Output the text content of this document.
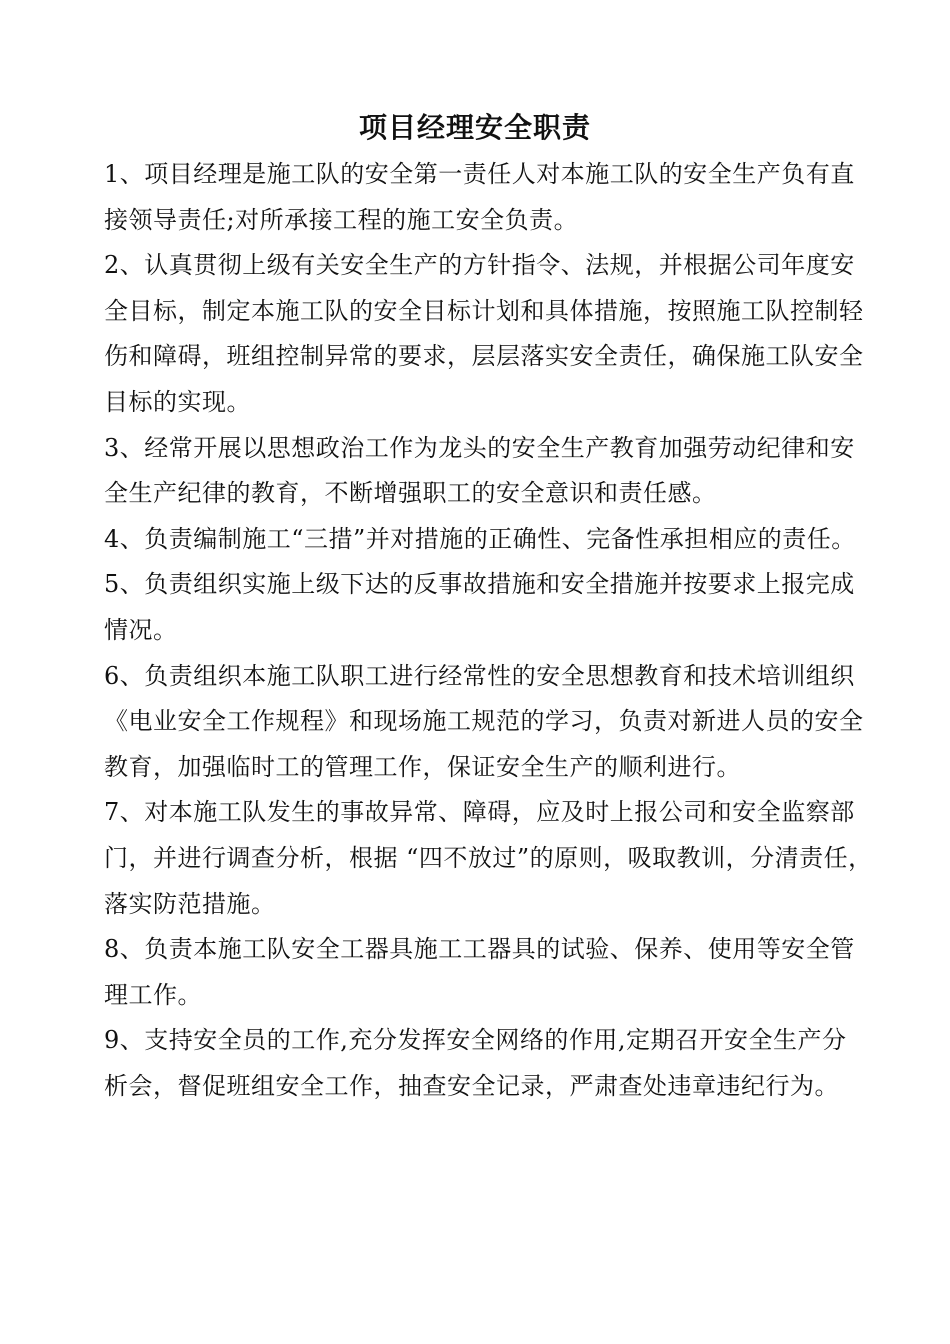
项目经理安全职责
1、项目经理是施工队的安全第一责任人对本施工队的安全生产负有直
接领导责任;对所承接工程的施工安全负责。
2、认真贯彻上级有关安全生产的方针指令、法规，并根据公司年度安
全目标，制定本施工队的安全目标计划和具体措施，按照施工队控制轻
伤和障碍，班组控制异常的要求，层层落实安全责任，确保施工队安全
目标的实现。
3、经常开展以思想政治工作为龙头的安全生产教育加强劳动纪律和安
全生产纪律的教育，不断增强职工的安全意识和责任感。
4、负责编制施工“三措”并对措施的正确性、完备性承担相应的责任。
5、负责组织实施上级下达的反事故措施和安全措施并按要求上报完成
情况。
6、负责组织本施工队职工进行经常性的安全思想教育和技术培训组织
《电业安全工作规程》和现场施工规范的学习，负责对新进人员的安全
教育，加强临时工的管理工作，保证安全生产的顺利进行。
7、对本施工队发生的事故异常、障碍，应及时上报公司和安全监察部
门，并进行调查分析，根据 “四不放过”的原则，吸取教训，分清责任，
落实防范措施。
8、负责本施工队安全工器具施工工器具的试验、保养、使用等安全管
理工作。
9、支持安全员的工作,充分发挥安全网络的作用,定期召开安全生产分
析会，督促班组安全工作，抽查安全记录，严肃查处违章违纪行为。
